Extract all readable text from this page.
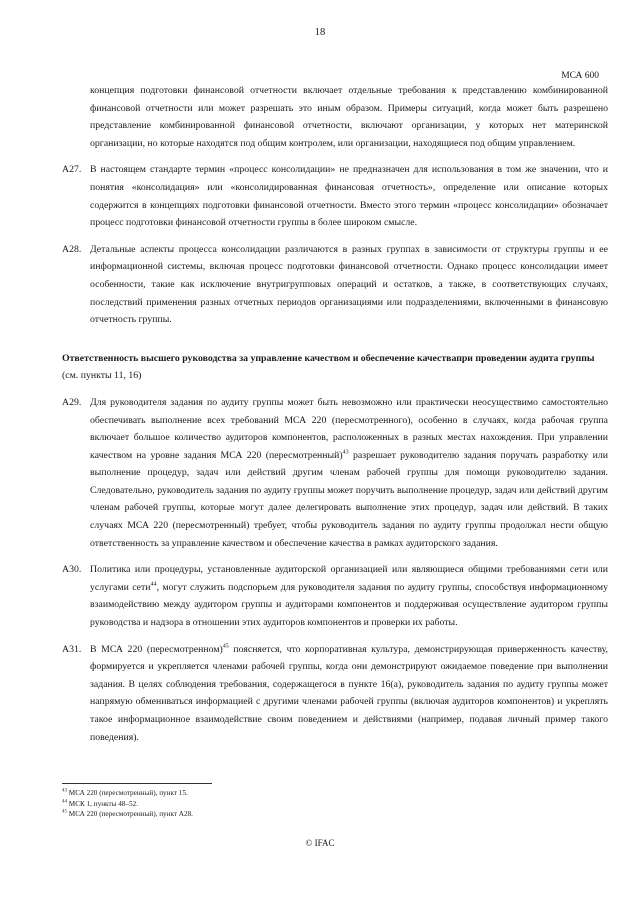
18
МСА 600

концепция подготовки финансовой отчетности включает отдельные требования к представлению комбинированной финансовой отчетности или может разрешать это иным образом. Примеры ситуаций, когда может быть разрешено представление комбинированной финансовой отчетности, включают организации, у которых нет материнской организации, но которые находятся под общим контролем, или организации, находящиеся под общим управлением.

A27. В настоящем стандарте термин «процесс консолидации» не предназначен для использования в том же значении, что и понятия «консолидация» или «консолидированная финансовая отчетность», определение или описание которых содержится в концепциях подготовки финансовой отчетности. Вместо этого термин «процесс консолидации» обозначает процесс подготовки финансовой отчетности группы в более широком смысле.

A28. Детальные аспекты процесса консолидации различаются в разных группах в зависимости от структуры группы и ее информационной системы, включая процесс подготовки финансовой отчетности. Однако процесс консолидации имеет особенности, такие как исключение внутригрупповых операций и остатков, а также, в соответствующих случаях, последствий применения разных отчетных периодов организациями или подразделениями, включенными в финансовую отчетность группы.

Ответственность высшего руководства за управление качеством и обеспечение качествапри проведении аудита группы (см. пункты 11, 16)

A29. Для руководителя задания по аудиту группы может быть невозможно или практически неосуществимо самостоятельно обеспечивать выполнение всех требований МСА 220 (пересмотренного), особенно в случаях, когда рабочая группа включает большое количество аудиторов компонентов, расположенных в разных местах нахождения. При управлении качеством на уровне задания МСА 220 (пересмотренный)$^{43}$ разрешает руководителю задания поручать разработку или выполнение процедур, задач или действий другим членам рабочей группы для помощи руководителю задания. Следовательно, руководитель задания по аудиту группы может поручить выполнение процедур, задач или действий другим членам рабочей группы, которые могут далее делегировать выполнение этих процедур, задач или действий. В таких случаях МСА 220 (пересмотренный) требует, чтобы руководитель задания по аудиту группы продолжал нести общую ответственность за управление качеством и обеспечение качества в рамках аудиторского задания.

A30. Политика или процедуры, установленные аудиторской организацией или являющиеся общими требованиями сети или услугами сети$^{44}$, могут служить подспорьем для руководителя задания по аудиту группы, способствуя информационному взаимодействию между аудитором группы и аудиторами компонентов и поддерживая осуществление аудитором группы руководства и надзора в отношении этих аудиторов компонентов и проверки их работы.

A31. В МСА 220 (пересмотренном)$^{45}$ поясняется, что корпоративная культура, демонстрирующая приверженность качеству, формируется и укрепляется членами рабочей группы, когда они демонстрируют ожидаемое поведение при выполнении задания. В целях соблюдения требования, содержащегося в пункте 16(а), руководитель задания по аудиту группы может напрямую обмениваться информацией с другими членами рабочей группы (включая аудиторов компонентов) и укреплять такое информационное взаимодействие своим поведением и действиями (например, подавая личный пример такого поведения).

$^{43}$ МСА 220 (пересмотренный), пункт 15.
$^{44}$ МСК 1, пункты 48–52.
$^{45}$ МСА 220 (пересмотренный), пункт A28.
© IFAC
